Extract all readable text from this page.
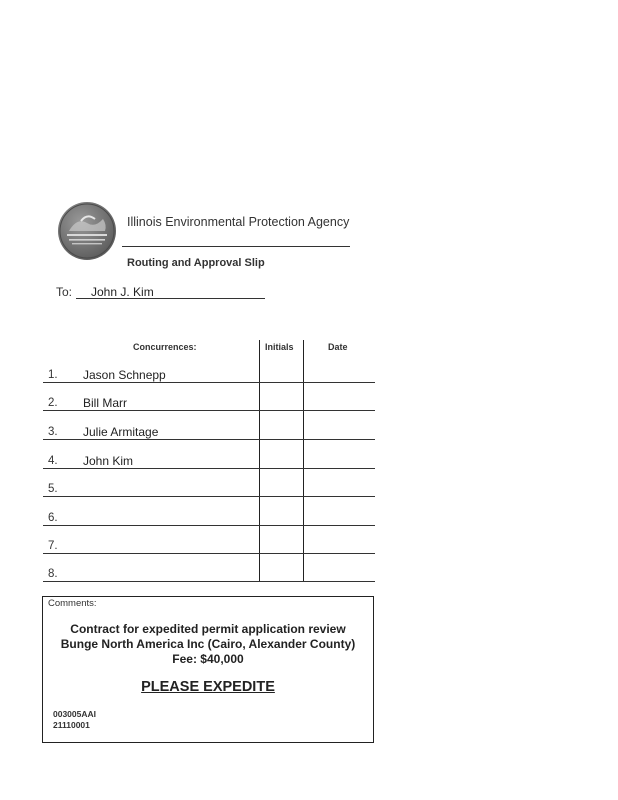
Illinois Environmental Protection Agency
Routing and Approval Slip
To: John J. Kim
Concurrences:	Initials	Date
1. Jason Schnepp
2. Bill Marr
3. Julie Armitage
4. John Kim
5.
6.
7.
8.
Comments:
Contract for expedited permit application review
Bunge North America Inc (Cairo, Alexander County)
Fee: $40,000
PLEASE EXPEDITE
003005AAI
21110001
